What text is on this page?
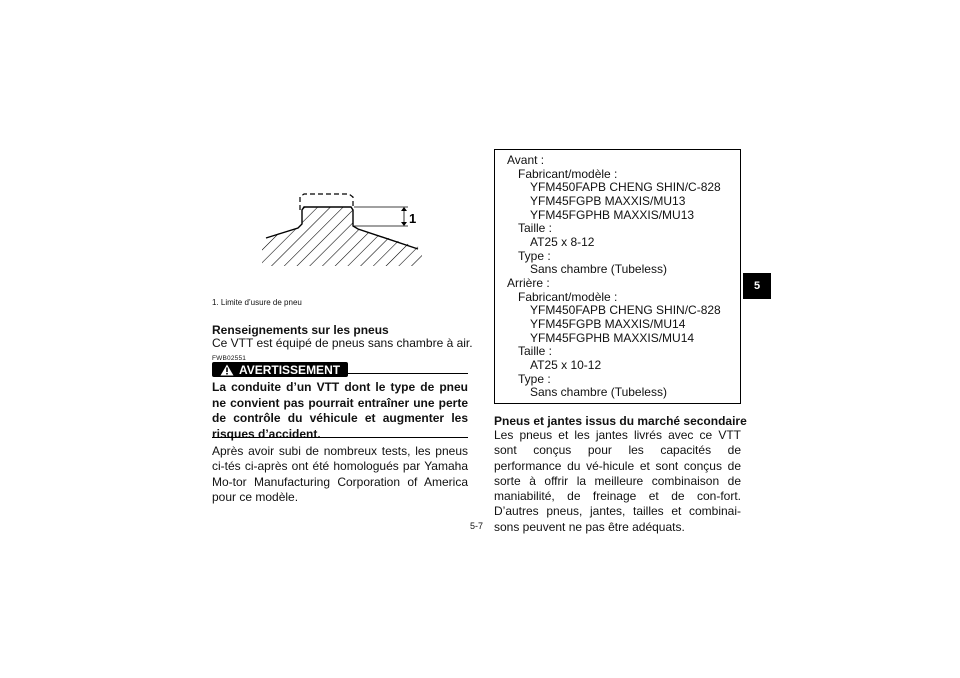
1
1. Limite d’usure de pneu
Renseignements sur les pneus
Ce VTT est équipé de pneus sans chambre à air.
FWB02551
AVERTISSEMENT
La conduite d’un VTT dont le type de pneu ne convient pas pourrait entraîner une perte de contrôle du véhicule et augmenter les risques d’accident.
Après avoir subi de nombreux tests, les pneus ci-tés ci-après ont été homologués par Yamaha Mo-tor Manufacturing Corporation of America pour ce modèle.
Avant :
Fabricant/modèle :
YFM450FAPB CHENG SHIN/C-828
YFM45FGPB MAXXIS/MU13
YFM45FGPHB MAXXIS/MU13
Taille :
AT25 x 8-12
Type :
Sans chambre (Tubeless)
Arrière :
Fabricant/modèle :
YFM450FAPB CHENG SHIN/C-828
YFM45FGPB MAXXIS/MU14
YFM45FGPHB MAXXIS/MU14
Taille :
AT25 x 10-12
Type :
Sans chambre (Tubeless)
Pneus et jantes issus du marché secondaire
Les pneus et les jantes livrés avec ce VTT sont conçus pour les capacités de performance du vé-hicule et sont conçus de sorte à offrir la meilleure combinaison de maniabilité, de freinage et de con-fort. D’autres pneus, jantes, tailles et combinai-sons peuvent ne pas être adéquats.
5-7
5
